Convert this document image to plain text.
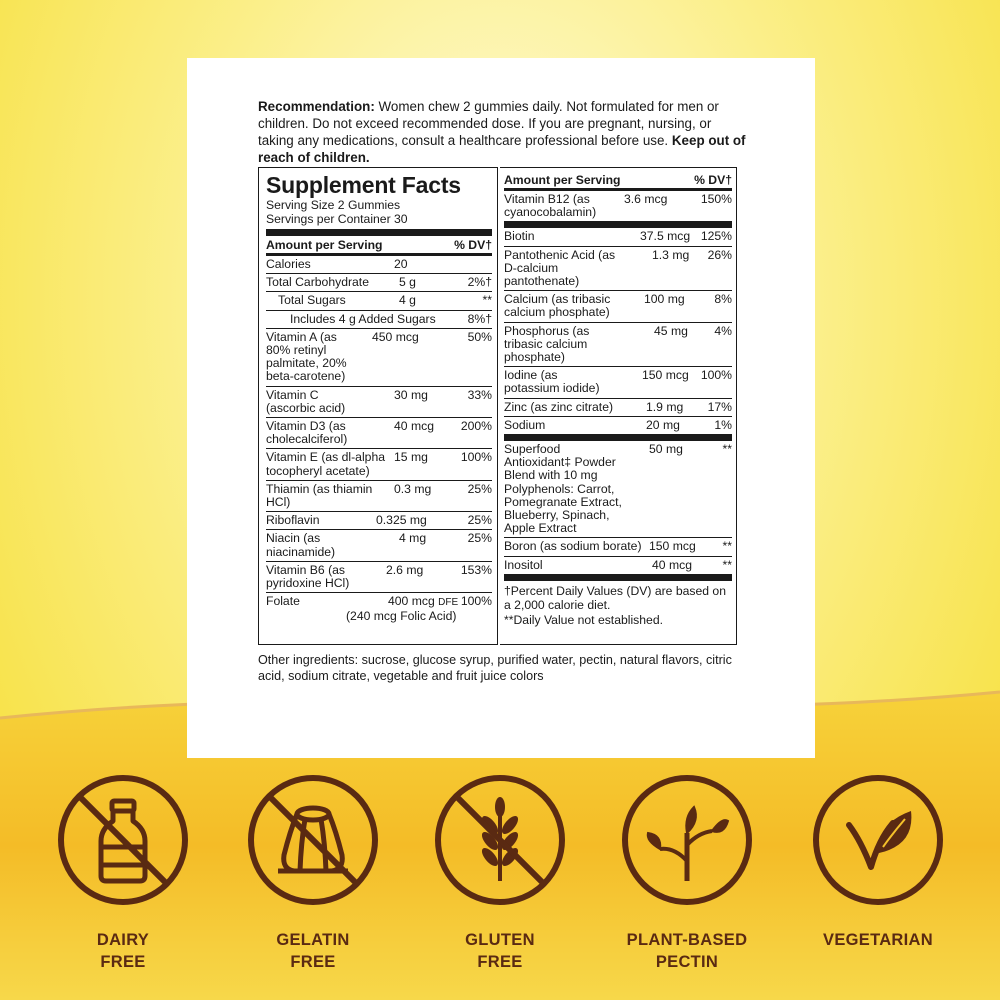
Recommendation: Women chew 2 gummies daily. Not formulated for men or children. Do not exceed recommended dose. If you are pregnant, nursing, or taking any medications, consult a healthcare professional before use. Keep out of reach of children.
Supplement Facts
Serving Size 2 Gummies
Servings per Container 30
Amount per Serving	% DV†
Calories	20
Total Carbohydrate	5 g	2%†
Total Sugars	4 g	**
Includes 4 g Added Sugars	8%†
Vitamin A (as 80% retinyl palmitate, 20% beta-carotene)
450 mcg	50%
Vitamin C (ascorbic acid)
30 mg	33%
Vitamin D3 (as cholecalciferol)
40 mcg 200%
Vitamin E (as dl-alpha tocopheryl acetate)
15 mg	100%
Thiamin (as thiamin HCl)
0.3 mg	25%
Riboflavin	0.325 mg	25%
Niacin (as niacinamide)
4 mg	25%
Vitamin B6 (as pyridoxine HCl)
2.6 mg	153%
Folate	400 mcg DFE 100%
(240 mcg Folic Acid)
Amount per Serving	% DV†
Vitamin B12 (as cyanocobalamin)
3.6 mcg	150%
Biotin	37.5 mcg 125%
Pantothenic Acid (as D-calcium pantothenate)
1.3 mg 26%
Calcium (as tribasic calcium phosphate)
100 mg 8%
Phosphorus (as tribasic calcium phosphate)
45 mg 4%
Iodine (as potassium iodide)
150 mcg 100%
Zinc (as zinc citrate)	1.9 mg 17%
Sodium	20 mg	1%
Superfood Antioxidant‡ Powder Blend with 10 mg Polyphenols: Carrot, Pomegranate Extract, Blueberry, Spinach, Apple Extract
50 mg	**
Boron (as sodium borate) 150 mcg **
Inositol	40 mcg	**
†Percent Daily Values (DV) are based on a 2,000 calorie diet.
**Daily Value not established.
Other ingredients: sucrose, glucose syrup, purified water, pectin, natural flavors, citric acid, sodium citrate, vegetable and fruit juice colors
DAIRY
FREE
GELATIN
FREE
GLUTEN
FREE
PLANT-BASED
PECTIN
VEGETARIAN
